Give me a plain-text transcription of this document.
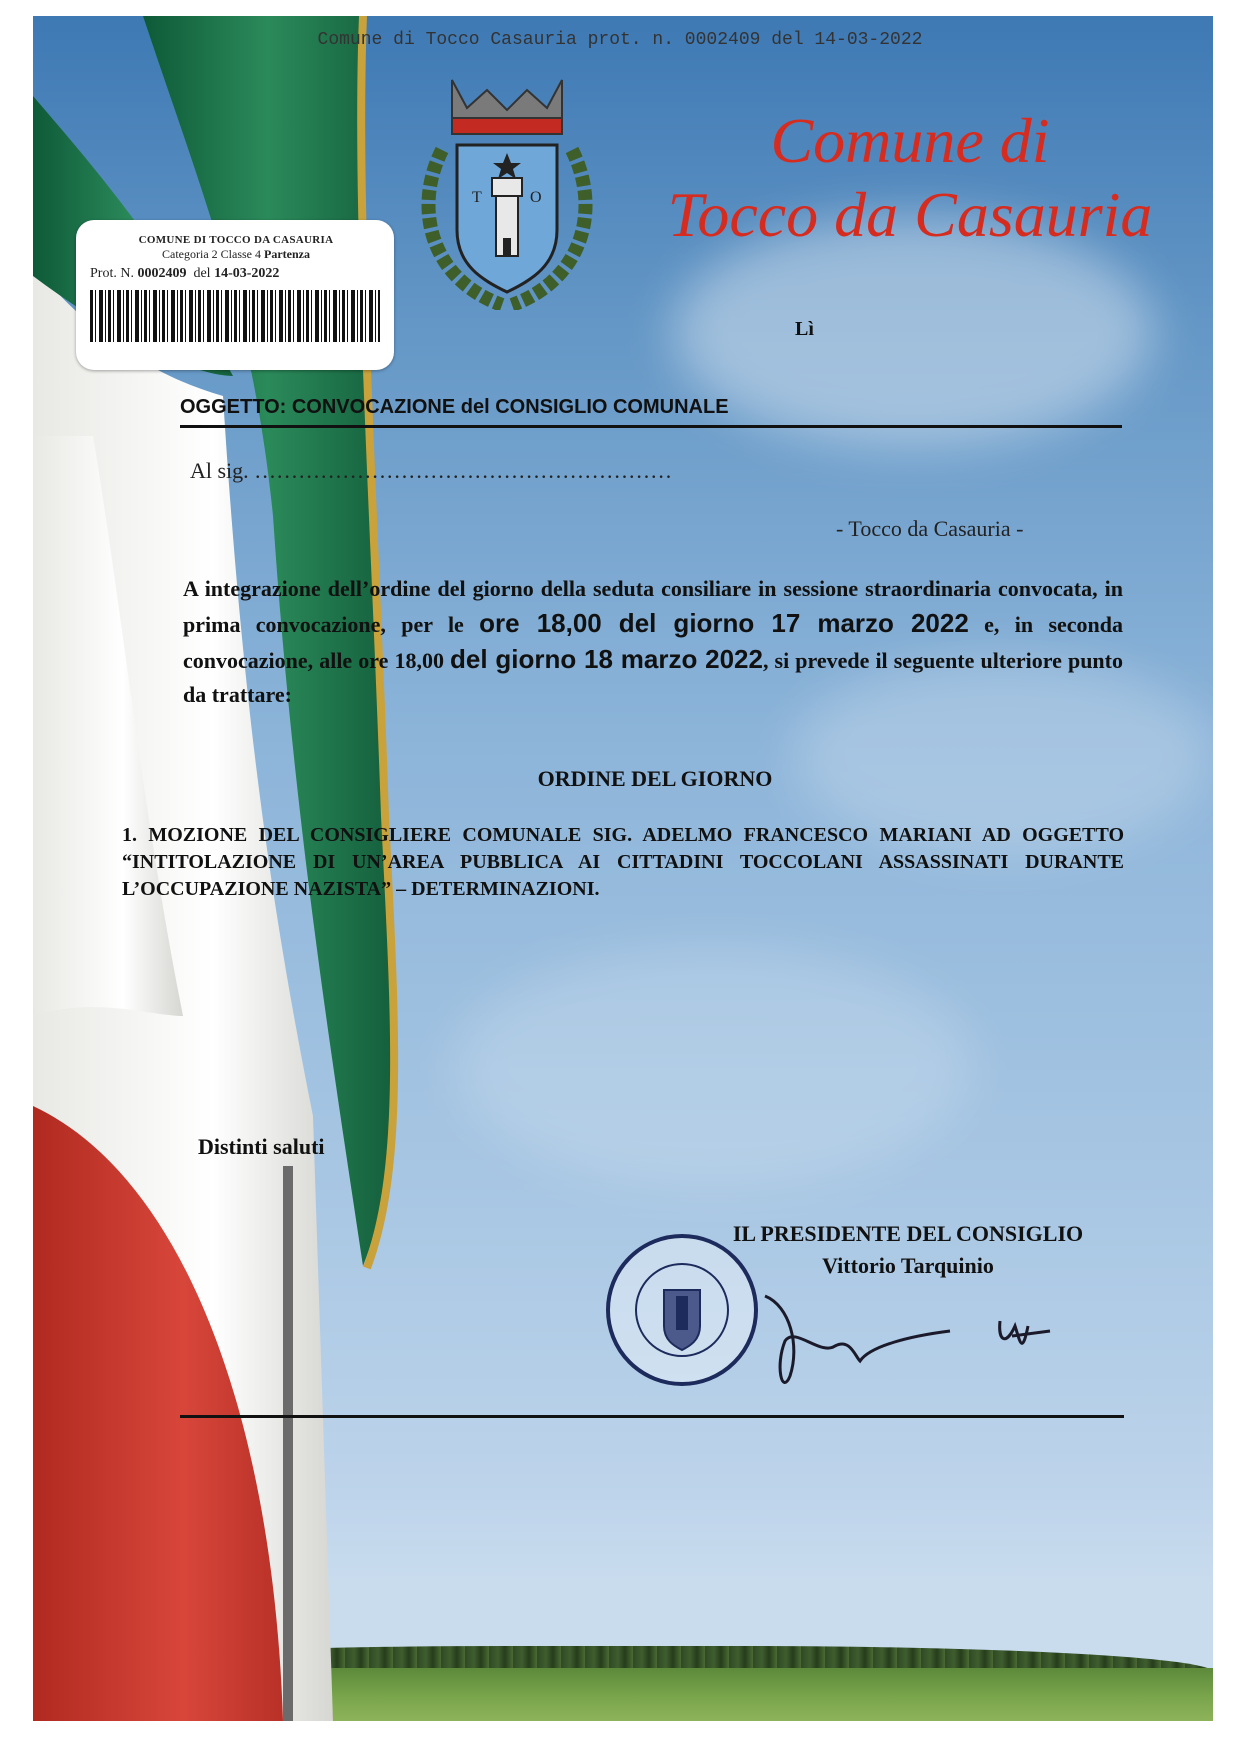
Comune di Tocco Casauria prot. n. 0002409 del 14-03-2022
T	O
Comune di
Tocco da Casauria
COMUNE DI TOCCO DA CASAURIA
Categoria 2 Classe 4 Partenza
Prot. N. 0002409 del 14-03-2022
Lì
OGGETTO: CONVOCAZIONE del CONSIGLIO COMUNALE
Al sig. …………………………………………………
- Tocco da Casauria -
A integrazione dell’ordine del giorno della seduta consiliare in sessione straordinaria convocata, in prima convocazione, per le ore 18,00 del giorno 17 marzo 2022 e, in seconda convocazione, alle ore 18,00 del giorno 18 marzo 2022, si prevede il seguente ulteriore punto da trattare:
ORDINE DEL GIORNO
1. MOZIONE DEL CONSIGLIERE COMUNALE SIG. ADELMO FRANCESCO MARIANI AD OGGETTO “INTITOLAZIONE DI UN’AREA PUBBLICA AI CITTADINI TOCCOLANI ASSASSINATI DURANTE L’OCCUPAZIONE NAZISTA” – DETERMINAZIONI.
Distinti saluti
IL PRESIDENTE DEL CONSIGLIO
Vittorio Tarquinio
